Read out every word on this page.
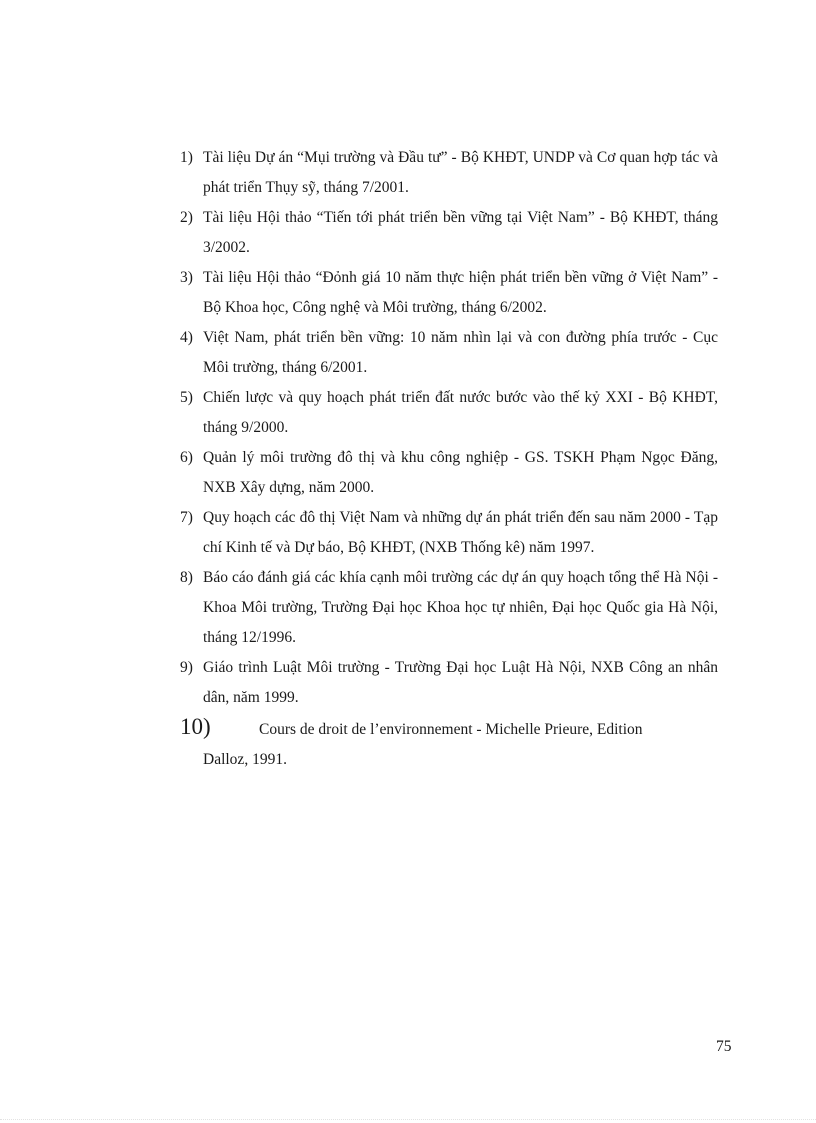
1) Tài liệu Dự án “Mụi trường và Đầu tư” - Bộ KHĐT, UNDP và Cơ quan hợp tác và phát triển Thụy sỹ, tháng 7/2001.
2) Tài liệu Hội thảo “Tiến tới phát triển bền vững tại Việt Nam” - Bộ KHĐT, tháng 3/2002.
3) Tài liệu Hội thảo “Đỏnh giá 10 năm thực hiện phát triển bền vững ở Việt Nam” - Bộ Khoa học, Công nghệ và Môi trường, tháng 6/2002.
4) Việt Nam, phát triển bền vững: 10 năm nhìn lại và con đường phía trước - Cục Môi trường, tháng 6/2001.
5) Chiến lược và quy hoạch phát triển đất nước bước vào thế kỷ XXI - Bộ KHĐT, tháng 9/2000.
6) Quản lý môi trường đô thị và khu công nghiệp - GS. TSKH Phạm Ngọc Đăng, NXB Xây dựng, năm 2000.
7) Quy hoạch các đô thị Việt Nam và những dự án phát triển đến sau năm 2000 - Tạp chí Kinh tế và Dự báo, Bộ KHĐT, (NXB Thống kê) năm 1997.
8) Báo cáo đánh giá các khía cạnh môi trường các dự án quy hoạch tổng thể Hà Nội - Khoa Môi trường, Trường Đại học Khoa học tự nhiên, Đại học Quốc gia Hà Nội, tháng 12/1996.
9) Giáo trình Luật Môi trường - Trường Đại học Luật Hà Nội, NXB Công an nhân dân, năm 1999.
10)	Cours de droit de l’environnement - Michelle Prieure, Edition
Dalloz, 1991.
75
